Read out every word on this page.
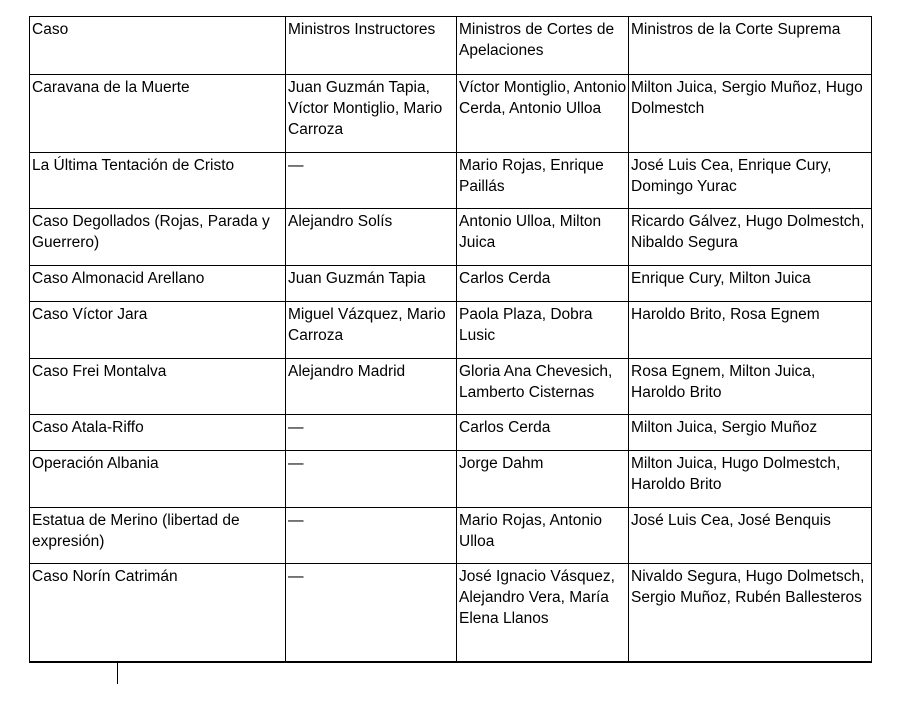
Caso	Ministros Instructores	Ministros de Cortes de Apelaciones	Ministros de la Corte Suprema
Caravana de la Muerte	Juan Guzmán Tapia, Víctor Montiglio, Mario Carroza	Víctor Montiglio, Antonio Cerda, Antonio Ulloa	Milton Juica, Sergio Muñoz, Hugo Dolmestch
La Última Tentación de Cristo	—	Mario Rojas, Enrique Paillás	José Luis Cea, Enrique Cury, Domingo Yurac
Caso Degollados (Rojas, Parada y Guerrero)	Alejandro Solís	Antonio Ulloa, Milton Juica	Ricardo Gálvez, Hugo Dolmestch, Nibaldo Segura
Caso Almonacid Arellano	Juan Guzmán Tapia	Carlos Cerda	Enrique Cury, Milton Juica
Caso Víctor Jara	Miguel Vázquez, Mario Carroza	Paola Plaza, Dobra Lusic	Haroldo Brito, Rosa Egnem
Caso Frei Montalva	Alejandro Madrid	Gloria Ana Chevesich, Lamberto Cisternas	Rosa Egnem, Milton Juica, Haroldo Brito
Caso Atala-Riffo	—	Carlos Cerda	Milton Juica, Sergio Muñoz
Operación Albania	—	Jorge Dahm	Milton Juica, Hugo Dolmestch, Haroldo Brito
Estatua de Merino (libertad de expresión)	—	Mario Rojas, Antonio Ulloa	José Luis Cea, José Benquis
Caso Norín Catrimán	—	José Ignacio Vásquez, Alejandro Vera, María Elena Llanos	Nivaldo Segura, Hugo Dolmetsch, Sergio Muñoz, Rubén Ballesteros
